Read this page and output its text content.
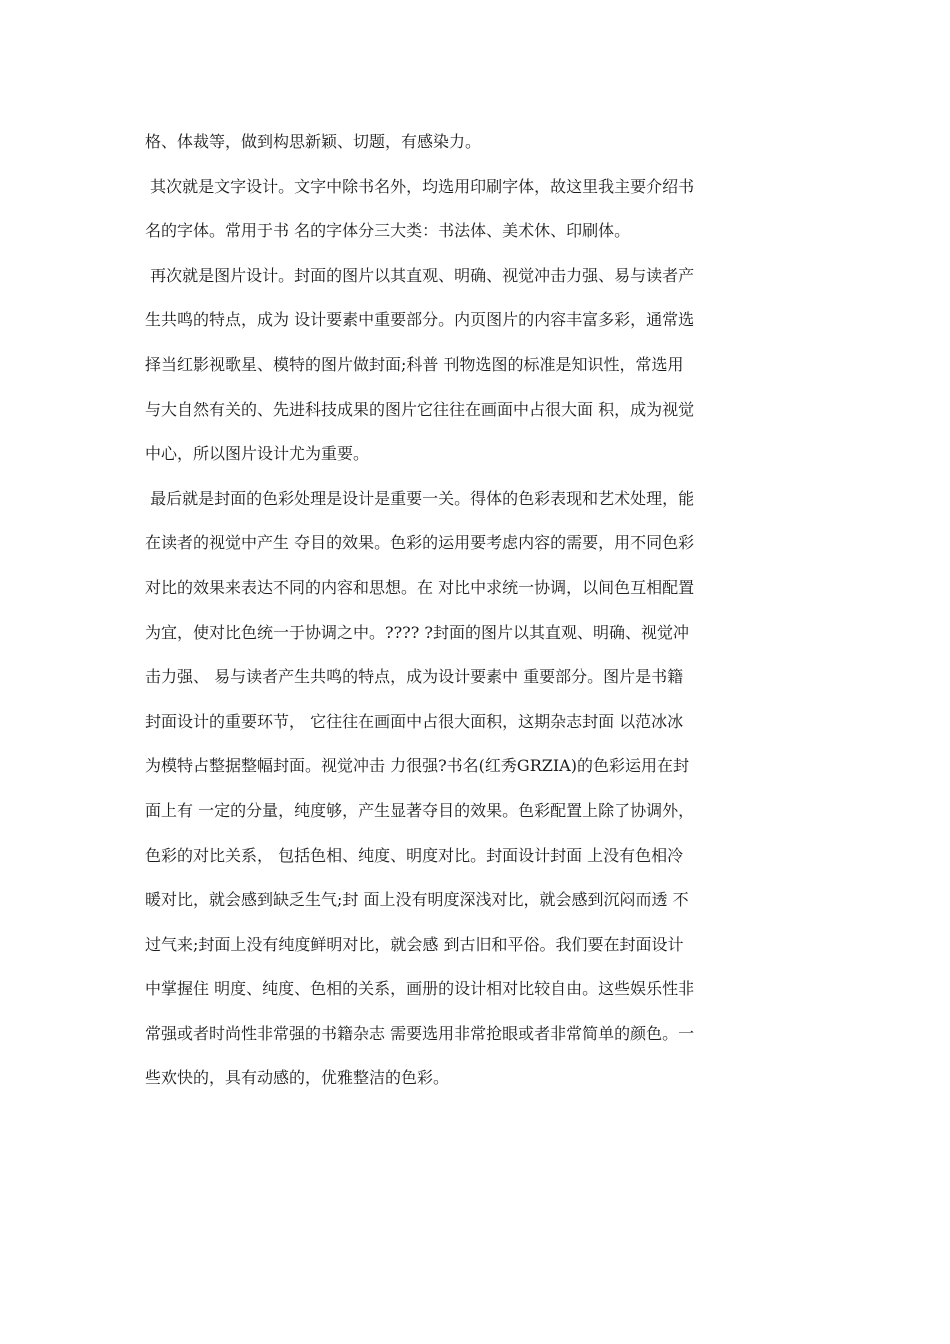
格、体裁等，做到构思新颖、切题，有感染力。
其次就是文字设计。文字中除书名外，均选用印刷字体，故这里我主要介绍书
名的字体。常用于书 名的字体分三大类：书法体、美术休、印刷体。
再次就是图片设计。封面的图片以其直观、明确、视觉冲击力强、易与读者产
生共鸣的特点，成为 设计要素中重要部分。内页图片的内容丰富多彩，通常选
择当红影视歌星、模特的图片做封面;科普 刊物选图的标准是知识性，常选用
与大自然有关的、先进科技成果的图片它往往在画面中占很大面 积，成为视觉
中心，所以图片设计尤为重要。
最后就是封面的色彩处理是设计是重要一关。得体的色彩表现和艺术处理，能
在读者的视觉中产生 夺目的效果。色彩的运用要考虑内容的需要，用不同色彩
对比的效果来表达不同的内容和思想。在 对比中求统一协调，以间色互相配置
为宜，使对比色统一于协调之中。???? ?封面的图片以其直观、明确、视觉冲
击力强、 易与读者产生共鸣的特点，成为设计要素中 重要部分。图片是书籍
封面设计的重要环节， 它往往在画面中占很大面积，这期杂志封面 以范冰冰
为模特占整据整幅封面。视觉冲击 力很强?书名(红秀GRZIA)的色彩运用在封
面上有 一定的分量，纯度够，产生显著夺目的效果。色彩配置上除了协调外，
色彩的对比关系， 包括色相、纯度、明度对比。封面设计封面 上没有色相冷
暖对比，就会感到缺乏生气;封 面上没有明度深浅对比，就会感到沉闷而透 不
过气来;封面上没有纯度鲜明对比，就会感 到古旧和平俗。我们要在封面设计
中掌握住 明度、纯度、色相的关系，画册的设计相对比较自由。这些娱乐性非
常强或者时尚性非常强的书籍杂志 需要选用非常抢眼或者非常简单的颜色。一
些欢快的，具有动感的，优雅整洁的色彩。
